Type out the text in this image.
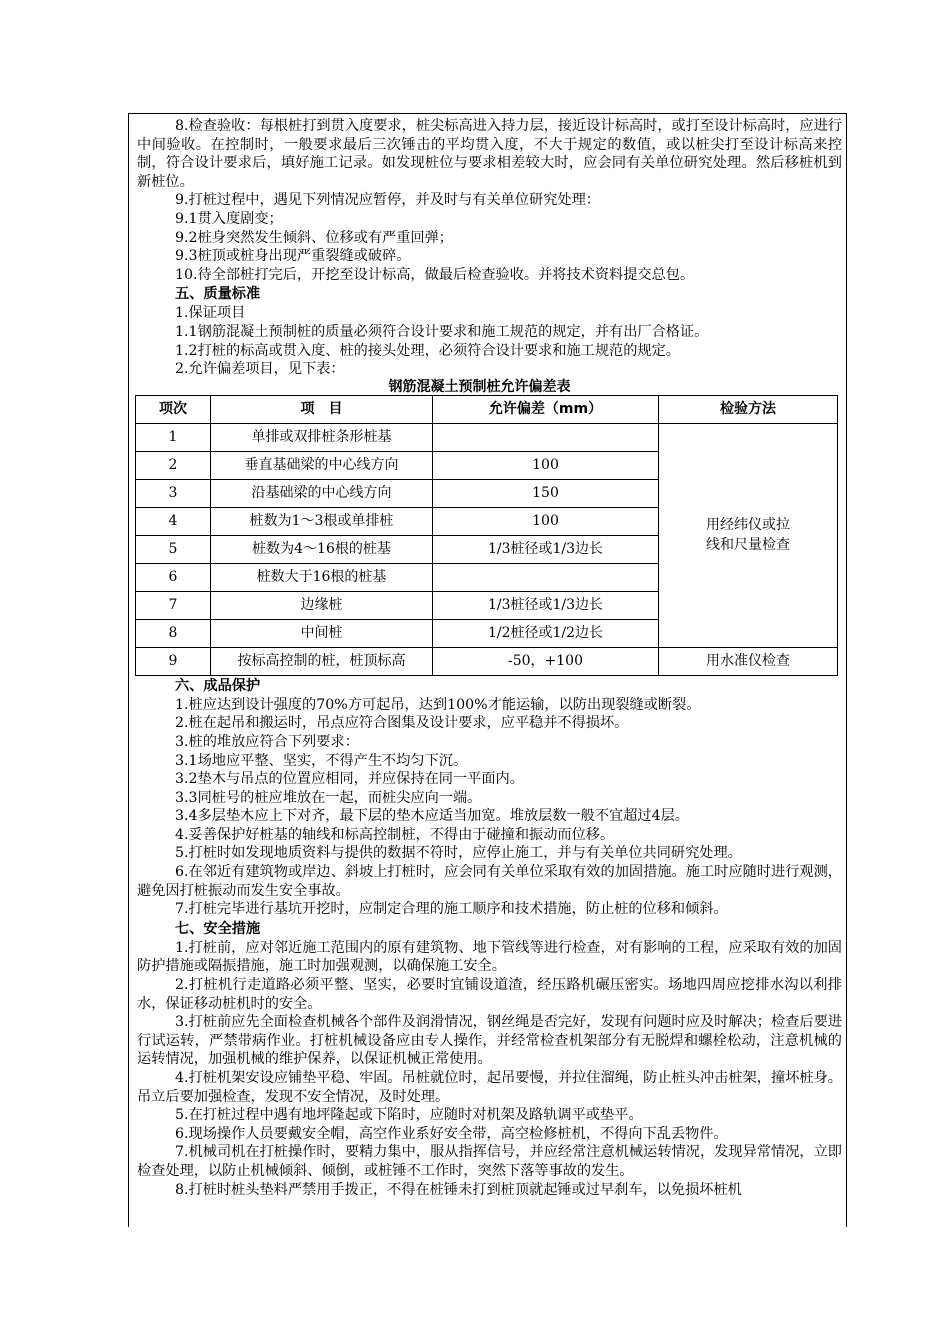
8.检查验收：每根桩打到贯入度要求，桩尖标高进入持力层，接近设计标高时，或打至设计标高时，应进行中间验收。在控制时，一般要求最后三次锤击的平均贯入度，不大于规定的数值，或以桩尖打至设计标高来控制，符合设计要求后，填好施工记录。如发现桩位与要求相差较大时，应会同有关单位研究处理。然后移桩机到新桩位。

9.打桩过程中，遇见下列情况应暂停，并及时与有关单位研究处理：

9.1贯入度剧变；

9.2桩身突然发生倾斜、位移或有严重回弹；

9.3桩顶或桩身出现严重裂缝或破碎。

10.待全部桩打完后，开挖至设计标高，做最后检查验收。并将技术资料提交总包。

五、质量标准

1.保证项目

1.1钢筋混凝土预制桩的质量必须符合设计要求和施工规范的规定，并有出厂合格证。

1.2打桩的标高或贯入度、桩的接头处理，必须符合设计要求和施工规范的规定。

2.允许偏差项目，见下表：

钢筋混凝土预制桩允许偏差表

项次	项　目	允许偏差（mm）	检验方法
1	单排或双排桩条形桩基		用经纬仪或拉
线和尺量检查

2	垂直基础梁的中心线方向	100	
3	沿基础梁的中心线方向	150	
4	桩数为1～3根或单排桩	100	
5	桩数为4～16根的桩基	1/3桩径或1/3边长	
6	桩数大于16根的桩基		
7	边缘桩	1/3桩径或1/3边长	
8	中间桩	1/2桩径或1/2边长	
9	按标高控制的桩，桩顶标高	-50，+100	用水准仪检查

六、成品保护

1.桩应达到设计强度的70%方可起吊，达到100%才能运输，以防出现裂缝或断裂。

2.桩在起吊和搬运时，吊点应符合图集及设计要求，应平稳并不得损坏。

3.桩的堆放应符合下列要求：

3.1场地应平整、坚实，不得产生不均匀下沉。

3.2垫木与吊点的位置应相同，并应保持在同一平面内。

3.3同桩号的桩应堆放在一起，而桩尖应向一端。

3.4多层垫木应上下对齐，最下层的垫木应适当加宽。堆放层数一般不宜超过4层。

4.妥善保护好桩基的轴线和标高控制桩，不得由于碰撞和振动而位移。

5.打桩时如发现地质资料与提供的数据不符时，应停止施工，并与有关单位共同研究处理。

6.在邻近有建筑物或岸边、斜坡上打桩时，应会同有关单位采取有效的加固措施。施工时应随时进行观测，避免因打桩振动而发生安全事故。

7.打桩完毕进行基坑开挖时，应制定合理的施工顺序和技术措施，防止桩的位移和倾斜。

七、安全措施

1.打桩前，应对邻近施工范围内的原有建筑物、地下管线等进行检查，对有影响的工程，应采取有效的加固防护措施或隔振措施，施工时加强观测，以确保施工安全。

2.打桩机行走道路必须平整、坚实，必要时宜铺设道渣，经压路机碾压密实。场地四周应挖排水沟以利排水，保证移动桩机时的安全。

3.打桩前应先全面检查机械各个部件及润滑情况，钢丝绳是否完好，发现有问题时应及时解决；检查后要进行试运转，严禁带病作业。打桩机械设备应由专人操作，并经常检查机架部分有无脱焊和螺栓松动，注意机械的运转情况，加强机械的维护保养，以保证机械正常使用。

4.打桩机架安设应铺垫平稳、牢固。吊桩就位时，起吊要慢，并拉住溜绳，防止桩头冲击桩架，撞坏桩身。吊立后要加强检查，发现不安全情况，及时处理。

5.在打桩过程中遇有地坪隆起或下陷时，应随时对机架及路轨调平或垫平。

6.现场操作人员要戴安全帽，高空作业系好安全带，高空检修桩机，不得向下乱丢物件。

7.机械司机在打桩操作时，要精力集中，服从指挥信号，并应经常注意机械运转情况，发现异常情况，立即检查处理，以防止机械倾斜、倾倒，或桩锤不工作时，突然下落等事故的发生。

8.打桩时桩头垫料严禁用手拨正，不得在桩锤未打到桩顶就起锤或过早刹车，以免损坏桩机
